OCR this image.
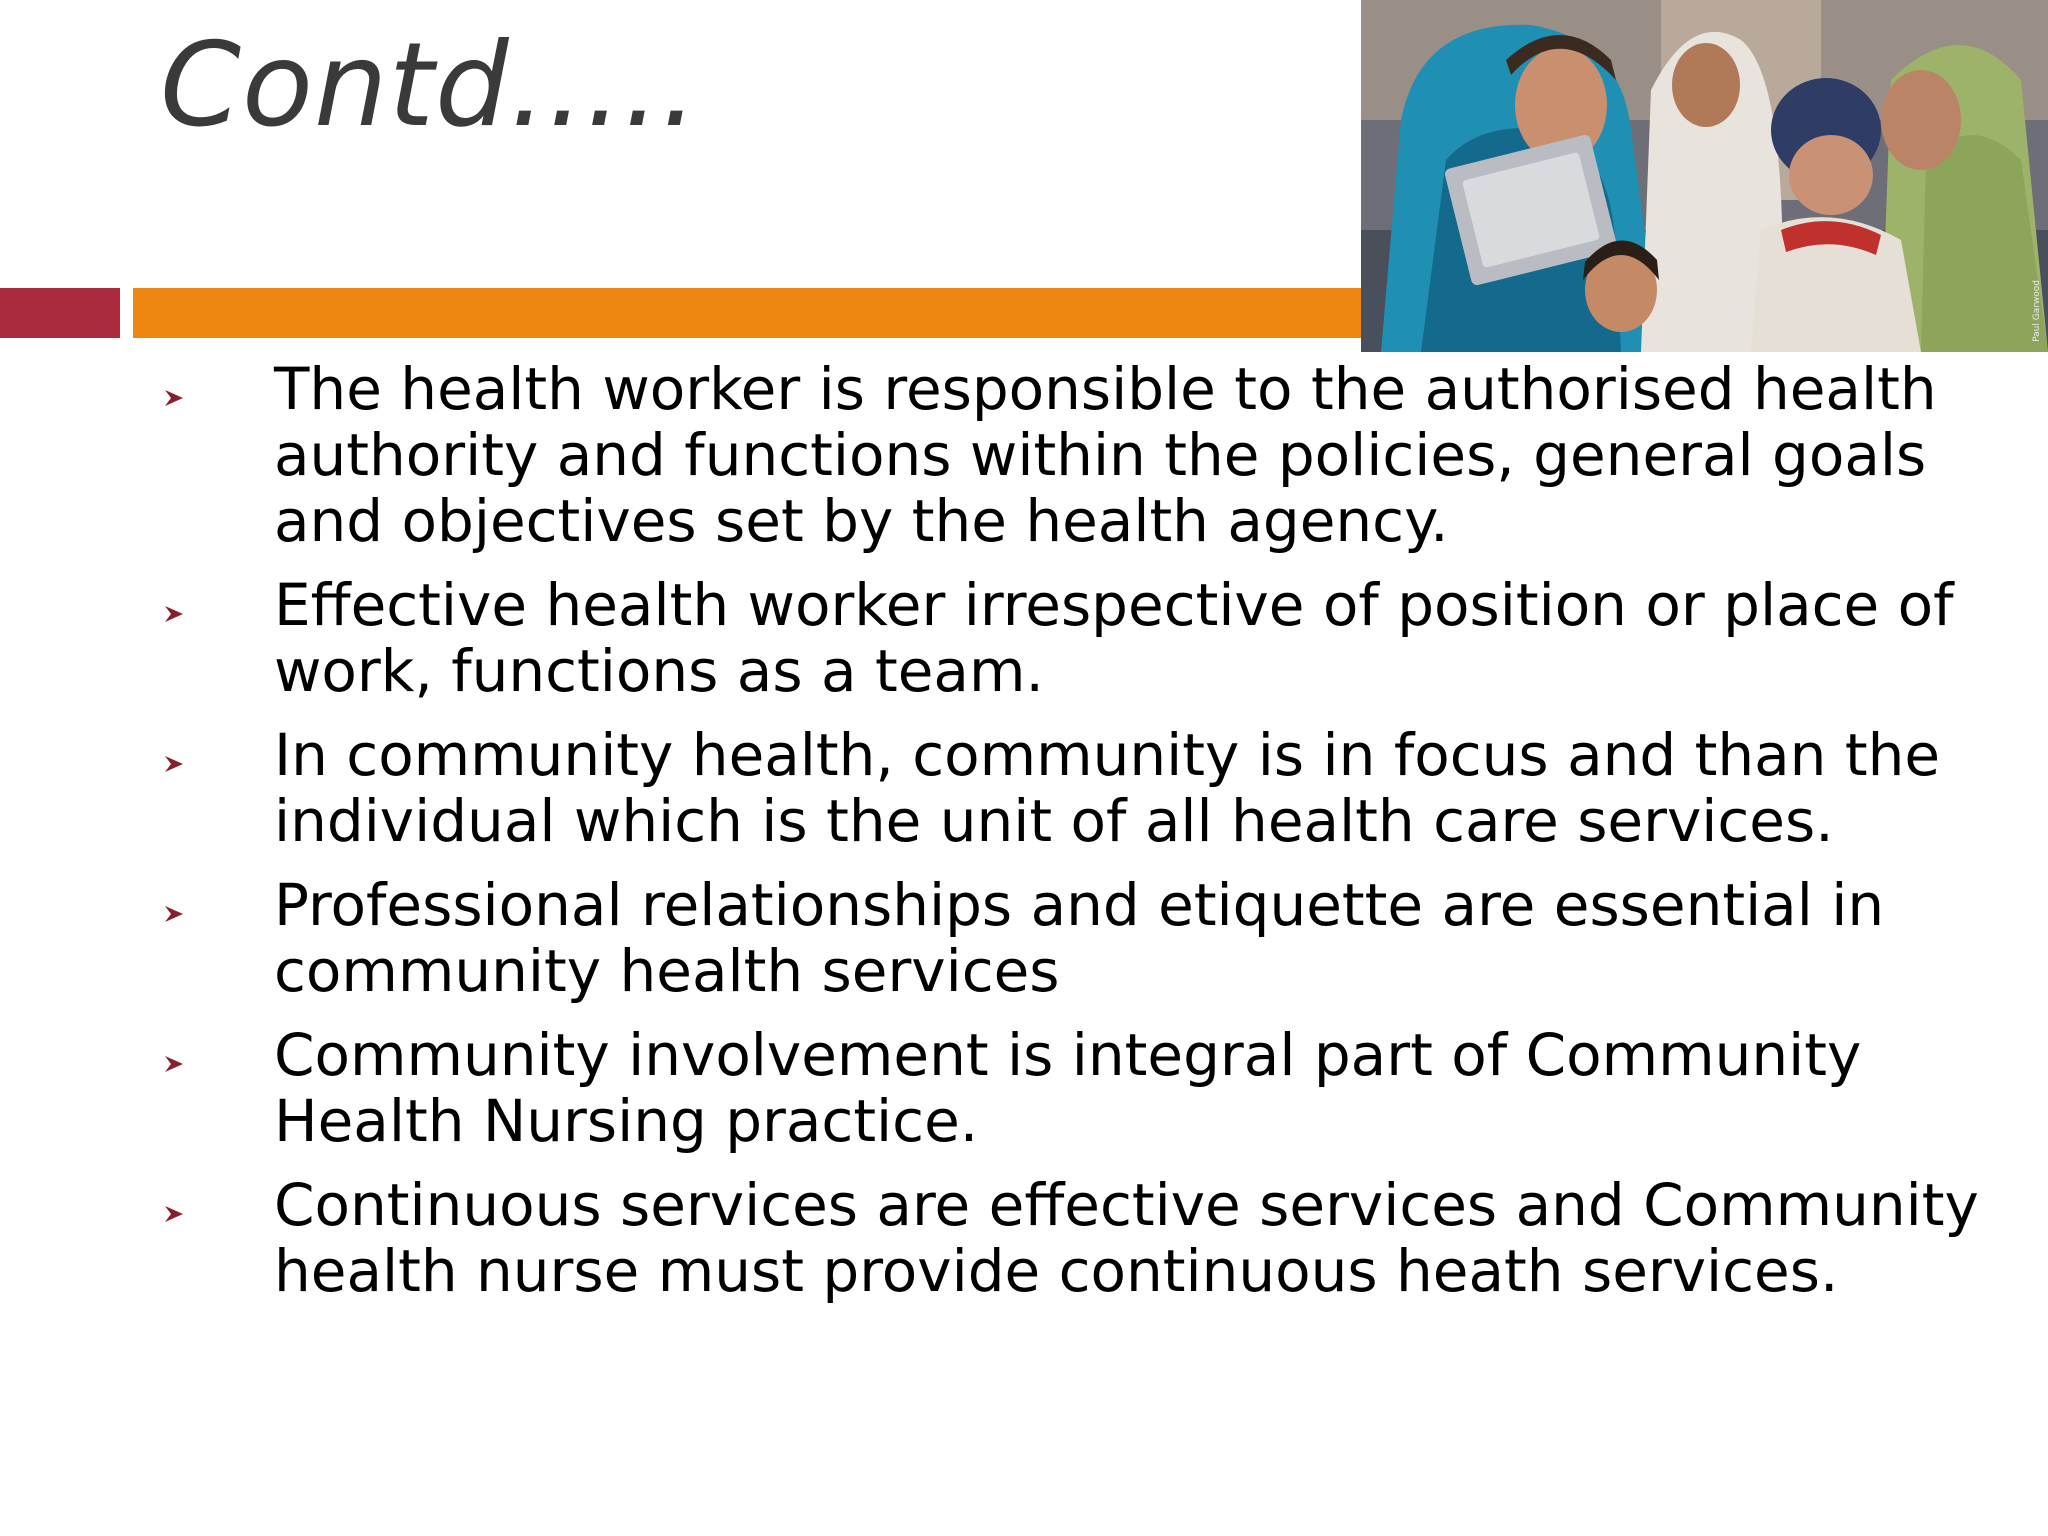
Contd.....
Paul Garwood
The health worker is responsible to the authorised health authority and functions within the policies, general goals and objectives set by the health agency.
Effective health worker irrespective of position or place of work, functions as a team.
In community health, community is in focus and than the individual which is the unit of all health care services.
Professional relationships and etiquette are essential in community health services
Community involvement is integral part of Community Health Nursing practice.
Continuous services are effective services and Community health nurse must provide continuous heath services.
